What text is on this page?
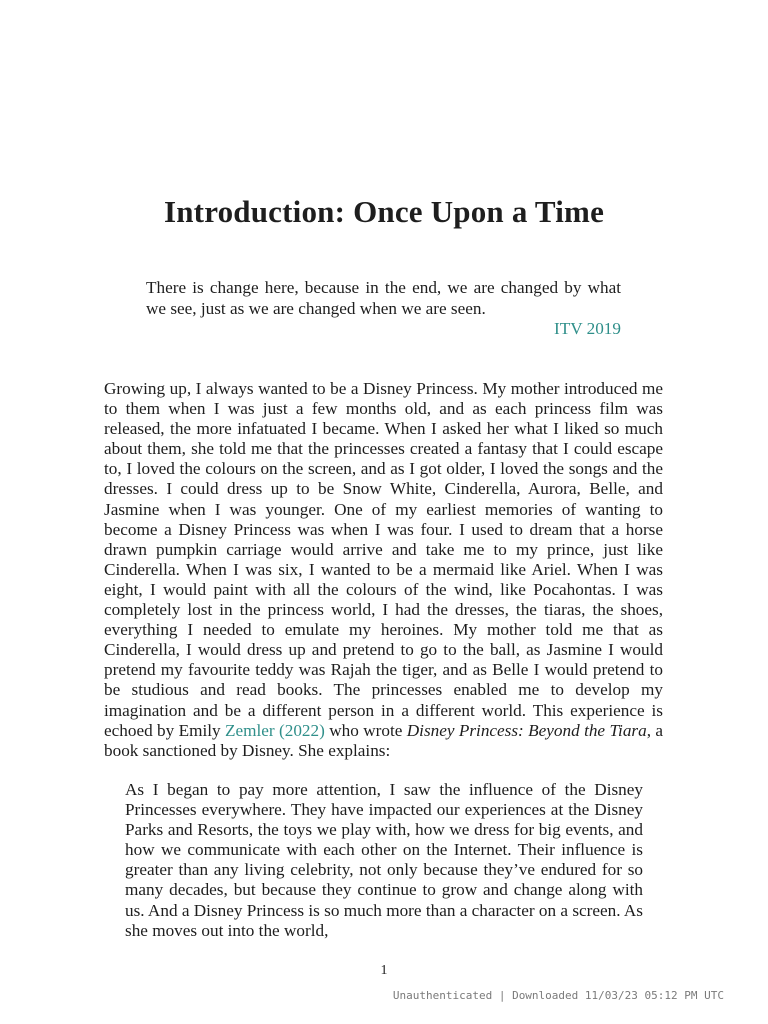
Introduction: Once Upon a Time

There is change here, because in the end, we are changed by what we see, just as we are changed when we are seen.

ITV 2019

Growing up, I always wanted to be a Disney Princess. My mother introduced me to them when I was just a few months old, and as each princess film was released, the more infatuated I became. When I asked her what I liked so much about them, she told me that the princesses created a fantasy that I could escape to, I loved the colours on the screen, and as I got older, I loved the songs and the dresses. I could dress up to be Snow White, Cinderella, Aurora, Belle, and Jasmine when I was younger. One of my earliest memories of wanting to become a Disney Princess was when I was four. I used to dream that a horse drawn pumpkin carriage would arrive and take me to my prince, just like Cinderella. When I was six, I wanted to be a mermaid like Ariel. When I was eight, I would paint with all the colours of the wind, like Pocahontas. I was completely lost in the princess world, I had the dresses, the tiaras, the shoes, everything I needed to emulate my heroines. My mother told me that as Cinderella, I would dress up and pretend to go to the ball, as Jasmine I would pretend my favourite teddy was Rajah the tiger, and as Belle I would pretend to be studious and read books. The princesses enabled me to develop my imagination and be a different person in a different world. This experience is echoed by Emily Zemler (2022) who wrote Disney Princess: Beyond the Tiara, a book sanctioned by Disney. She explains:

As I began to pay more attention, I saw the influence of the Disney Princesses everywhere. They have impacted our experiences at the Disney Parks and Resorts, the toys we play with, how we dress for big events, and how we communicate with each other on the Internet. Their influence is greater than any living celebrity, not only because they’ve endured for so many decades, but because they continue to grow and change along with us. And a Disney Princess is so much more than a character on a screen. As she moves out into the world,

1
Unauthenticated | Downloaded 11/03/23 05:12 PM UTC
